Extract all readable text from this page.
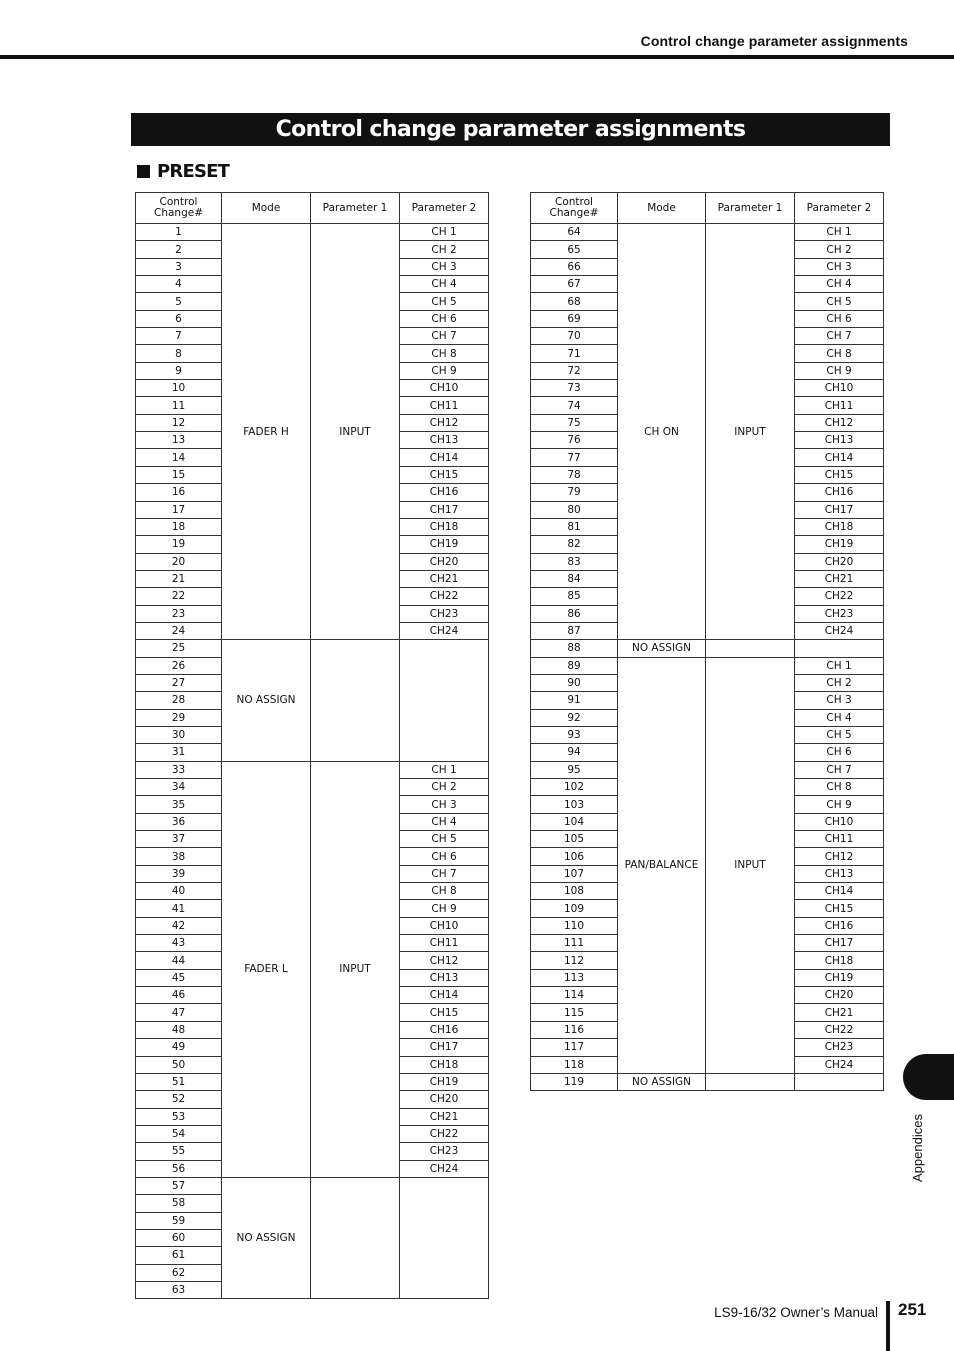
Control change parameter assignments
Control change parameter assignments
PRESET
Control
Change#	Mode	Parameter 1	Parameter 2
1	FADER H	INPUT	CH 1
2			CH 2
3			CH 3
4			CH 4
5			CH 5
6			CH 6
7			CH 7
8			CH 8
9			CH 9
10			CH10
11			CH11
12			CH12
13			CH13
14			CH14
15			CH15
16			CH16
17			CH17
18			CH18
19			CH19
20			CH20
21			CH21
22			CH22
23			CH23
24			CH24
25	NO ASSIGN		
26			
27			
28			
29			
30			
31			
33	FADER L	INPUT	CH 1
34			CH 2
35			CH 3
36			CH 4
37			CH 5
38			CH 6
39			CH 7
40			CH 8
41			CH 9
42			CH10
43			CH11
44			CH12
45			CH13
46			CH14
47			CH15
48			CH16
49			CH17
50			CH18
51			CH19
52			CH20
53			CH21
54			CH22
55			CH23
56			CH24
57	NO ASSIGN		
58			
59			
60			
61			
62			
63			
Control
Change#	Mode	Parameter 1	Parameter 2
64	CH ON	INPUT	CH 1
65			CH 2
66			CH 3
67			CH 4
68			CH 5
69			CH 6
70			CH 7
71			CH 8
72			CH 9
73			CH10
74			CH11
75			CH12
76			CH13
77			CH14
78			CH15
79			CH16
80			CH17
81			CH18
82			CH19
83			CH20
84			CH21
85			CH22
86			CH23
87			CH24
88	NO ASSIGN		
89	PAN/BALANCE	INPUT	CH 1
90			CH 2
91			CH 3
92			CH 4
93			CH 5
94			CH 6
95			CH 7
102			CH 8
103			CH 9
104			CH10
105			CH11
106			CH12
107			CH13
108			CH14
109			CH15
110			CH16
111			CH17
112			CH18
113			CH19
114			CH20
115			CH21
116			CH22
117			CH23
118			CH24
119	NO ASSIGN		
Appendices
LS9-16/32 Owner’s Manual 251
